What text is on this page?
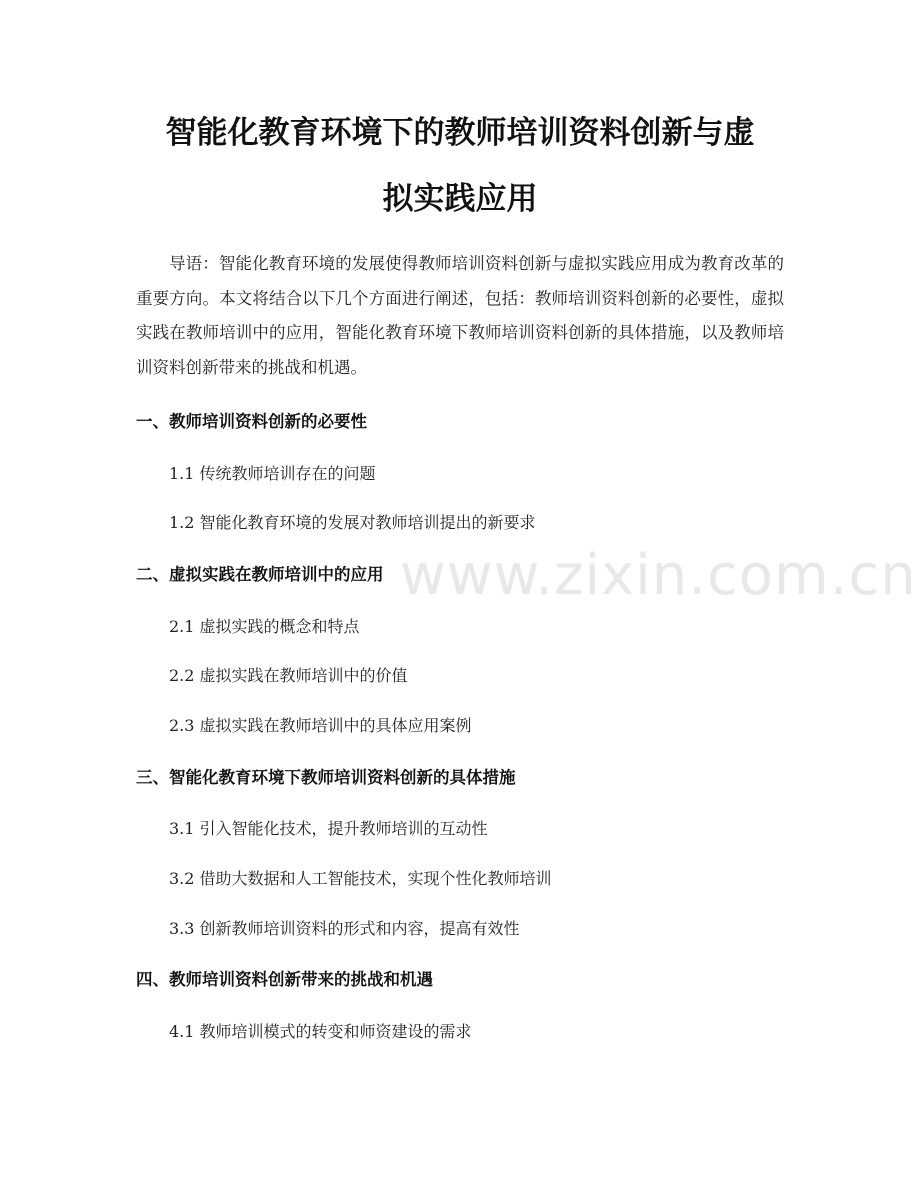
智能化教育环境下的教师培训资料创新与虚
拟实践应用

导语：智能化教育环境的发展使得教师培训资料创新与虚拟实践应用成为教育改革的重要方向。本文将结合以下几个方面进行阐述，包括：教师培训资料创新的必要性，虚拟实践在教师培训中的应用，智能化教育环境下教师培训资料创新的具体措施，以及教师培训资料创新带来的挑战和机遇。

一、教师培训资料创新的必要性

1.1 传统教师培训存在的问题

1.2 智能化教育环境的发展对教师培训提出的新要求

二、虚拟实践在教师培训中的应用

2.1 虚拟实践的概念和特点

2.2 虚拟实践在教师培训中的价值

2.3 虚拟实践在教师培训中的具体应用案例

三、智能化教育环境下教师培训资料创新的具体措施

3.1 引入智能化技术，提升教师培训的互动性

3.2 借助大数据和人工智能技术，实现个性化教师培训

3.3 创新教师培训资料的形式和内容，提高有效性

四、教师培训资料创新带来的挑战和机遇

4.1 教师培训模式的转变和师资建设的需求

www.zixin.com.cn
